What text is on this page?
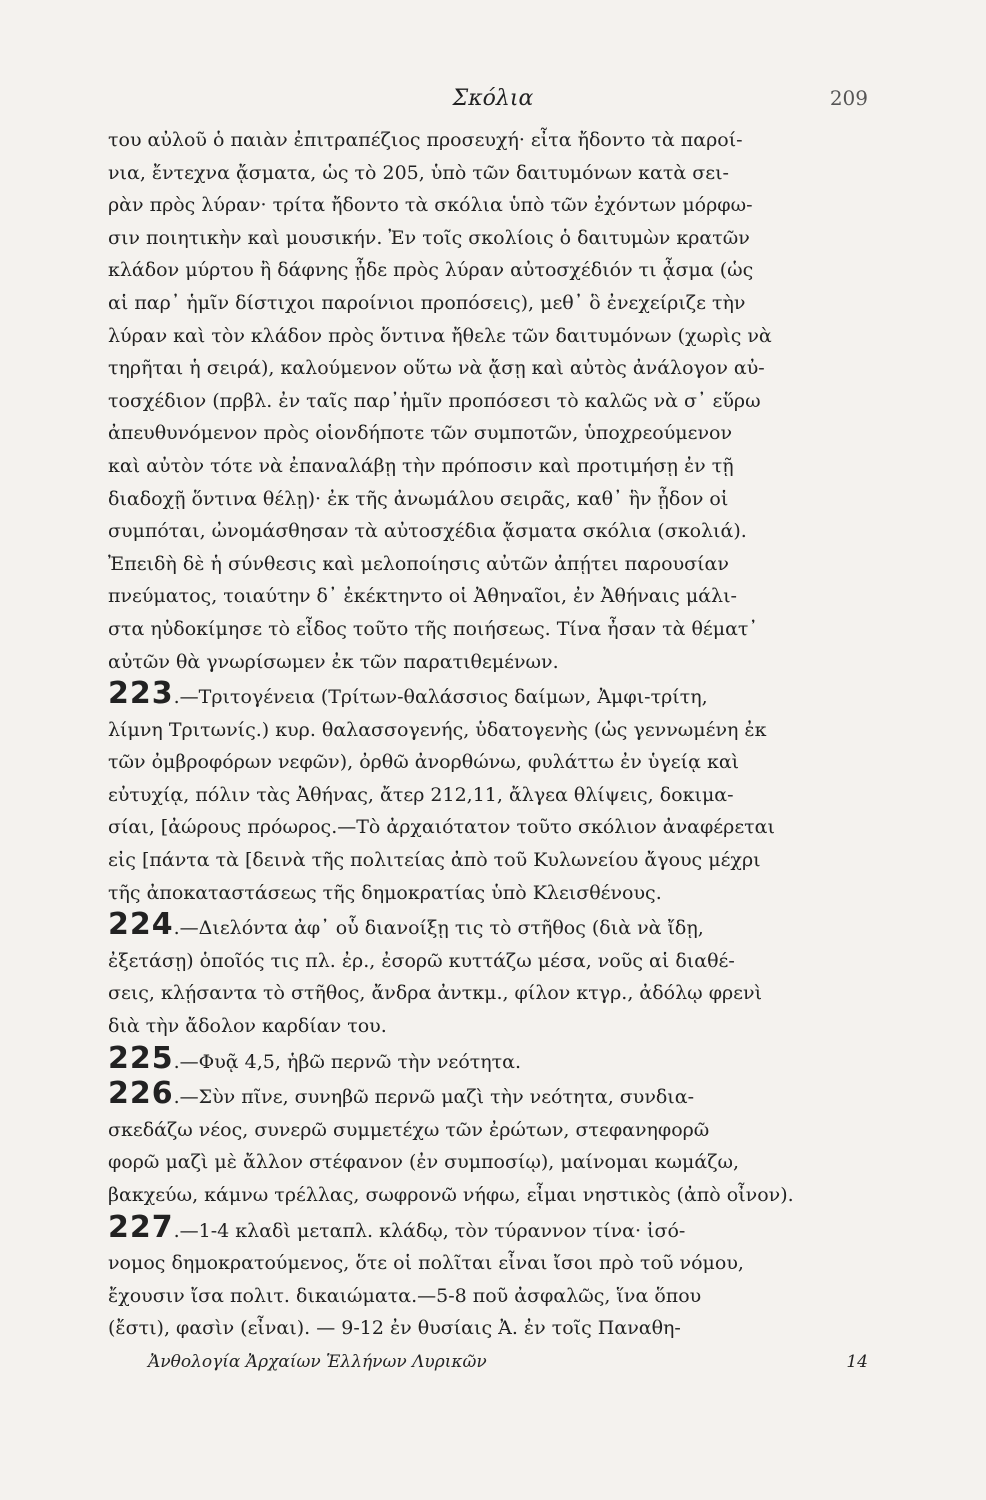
Σκόλια	209
του αὐλοῦ ὁ παιὰν ἐπιτραπέζιος προσευχή· εἶτα ἤδοντο τὰ παροί-
νια, ἔντεχνα ᾄσματα, ὡς τὸ 205, ὑπὸ τῶν δαιτυμόνων κατὰ σει-
ρὰν πρὸς λύραν· τρίτα ἤδοντο τὰ σκόλια ὑπὸ τῶν ἐχόντων μόρφω-
σιν ποιητικὴν καὶ μουσικήν. Ἐν τοῖς σκολίοις ὁ δαιτυμὼν κρατῶν
κλάδον μύρτου ἢ δάφνης ᾖδε πρὸς λύραν αὐτοσχέδιόν τι ᾆσμα (ὡς
αἱ παρ᾿ ἡμῖν δίστιχοι παροίνιοι προπόσεις), μεθ᾿ ὃ ἐνεχείριζε τὴν
λύραν καὶ τὸν κλάδον πρὸς ὅντινα ἤθελε τῶν δαιτυμόνων (χωρὶς νὰ
τηρῆται ἡ σειρά), καλούμενον οὕτω νὰ ᾄσῃ καὶ αὐτὸς ἀνάλογον αὐ-
τοσχέδιον (πρβλ. ἐν ταῖς παρ᾿ἡμῖν προπόσεσι τὸ καλῶς νὰ σ᾿ εὕρω
ἀπευθυνόμενον πρὸς οἱονδήποτε τῶν συμποτῶν, ὑποχρεούμενον
καὶ αὐτὸν τότε νὰ ἐπαναλάβῃ τὴν πρόποσιν καὶ προτιμήσῃ ἐν τῇ
διαδοχῇ ὅντινα θέλῃ)· ἐκ τῆς ἀνωμάλου σειρᾶς, καθ᾿ ἣν ᾖδον οἱ
συμπόται, ὠνομάσθησαν τὰ αὐτοσχέδια ᾄσματα σκόλια (σκολιά).
Ἐπειδὴ δὲ ἡ σύνθεσις καὶ μελοποίησις αὐτῶν ἀπῄτει παρουσίαν
πνεύματος, τοιαύτην δ᾿ ἐκέκτηντο οἱ Ἀθηναῖοι, ἐν Ἀθήναις μάλι-
στα ηὐδοκίμησε τὸ εἶδος τοῦτο τῆς ποιήσεως. Τίνα ἦσαν τὰ θέματ᾿
αὐτῶν θὰ γνωρίσωμεν ἐκ τῶν παρατιθεμένων.
223.—Τριτογένεια (Τρίτων-θαλάσσιος δαίμων, Ἀμφι-τρίτη,
λίμνη Τριτωνίς.) κυρ. θαλασσογενής, ὑδατογενὴς (ὡς γεννωμένη ἐκ
τῶν ὀμβροφόρων νεφῶν), ὀρθῶ ἀνορθώνω, φυλάττω ἐν ὑγείᾳ καὶ
εὐτυχίᾳ, πόλιν τὰς Ἀθήνας, ἄτερ 212,11, ἄλγεα θλίψεις, δοκιμα-
σίαι, [ἀώρους πρόωρος.—Τὸ ἀρχαιότατον τοῦτο σκόλιον ἀναφέρεται
εἰς [πάντα τὰ [δεινὰ τῆς πολιτείας ἀπὸ τοῦ Κυλωνείου ἄγους μέχρι
τῆς ἀποκαταστάσεως τῆς δημοκρατίας ὑπὸ Κλεισθένους.
224.—Διελόντα ἀφ᾿ οὗ διανοίξῃ τις τὸ στῆθος (διὰ νὰ ἴδῃ,
ἐξετάσῃ) ὁποῖός τις πλ. ἐρ., ἐσορῶ κυττάζω μέσα, νοῦς αἱ διαθέ-
σεις, κλῄσαντα τὸ στῆθος, ἄνδρα ἀντκμ., φίλον κτγρ., ἀδόλῳ φρενὶ
διὰ τὴν ἄδολον καρδίαν του.
225.—Φυᾷ 4,5, ἡβῶ περνῶ τὴν νεότητα.
226.—Σὺν πῖνε, συνηβῶ περνῶ μαζὶ τὴν νεότητα, συνδια-
σκεδάζω νέος, συνερῶ συμμετέχω τῶν ἐρώτων, στεφανηφορῶ
φορῶ μαζὶ μὲ ἄλλον στέφανον (ἐν συμποσίῳ), μαίνομαι κωμάζω,
βακχεύω, κάμνω τρέλλας, σωφρονῶ νήφω, εἶμαι νηστικὸς (ἀπὸ οἶνον).
227.—1-4 κλαδὶ μεταπλ. κλάδῳ, τὸν τύραννον τίνα· ἰσό-
νομος δημοκρατούμενος, ὅτε οἱ πολῖται εἶναι ἴσοι πρὸ τοῦ νόμου,
ἔχουσιν ἴσα πολιτ. δικαιώματα.—5-8 ποῦ ἀσφαλῶς, ἵνα ὅπου
(ἔστι), φασὶν (εἶναι). — 9-12 ἐν θυσίαις Ἀ. ἐν τοῖς Παναθη-
Ἀνθολογία Ἀρχαίων Ἑλλήνων Λυρικῶν	14
